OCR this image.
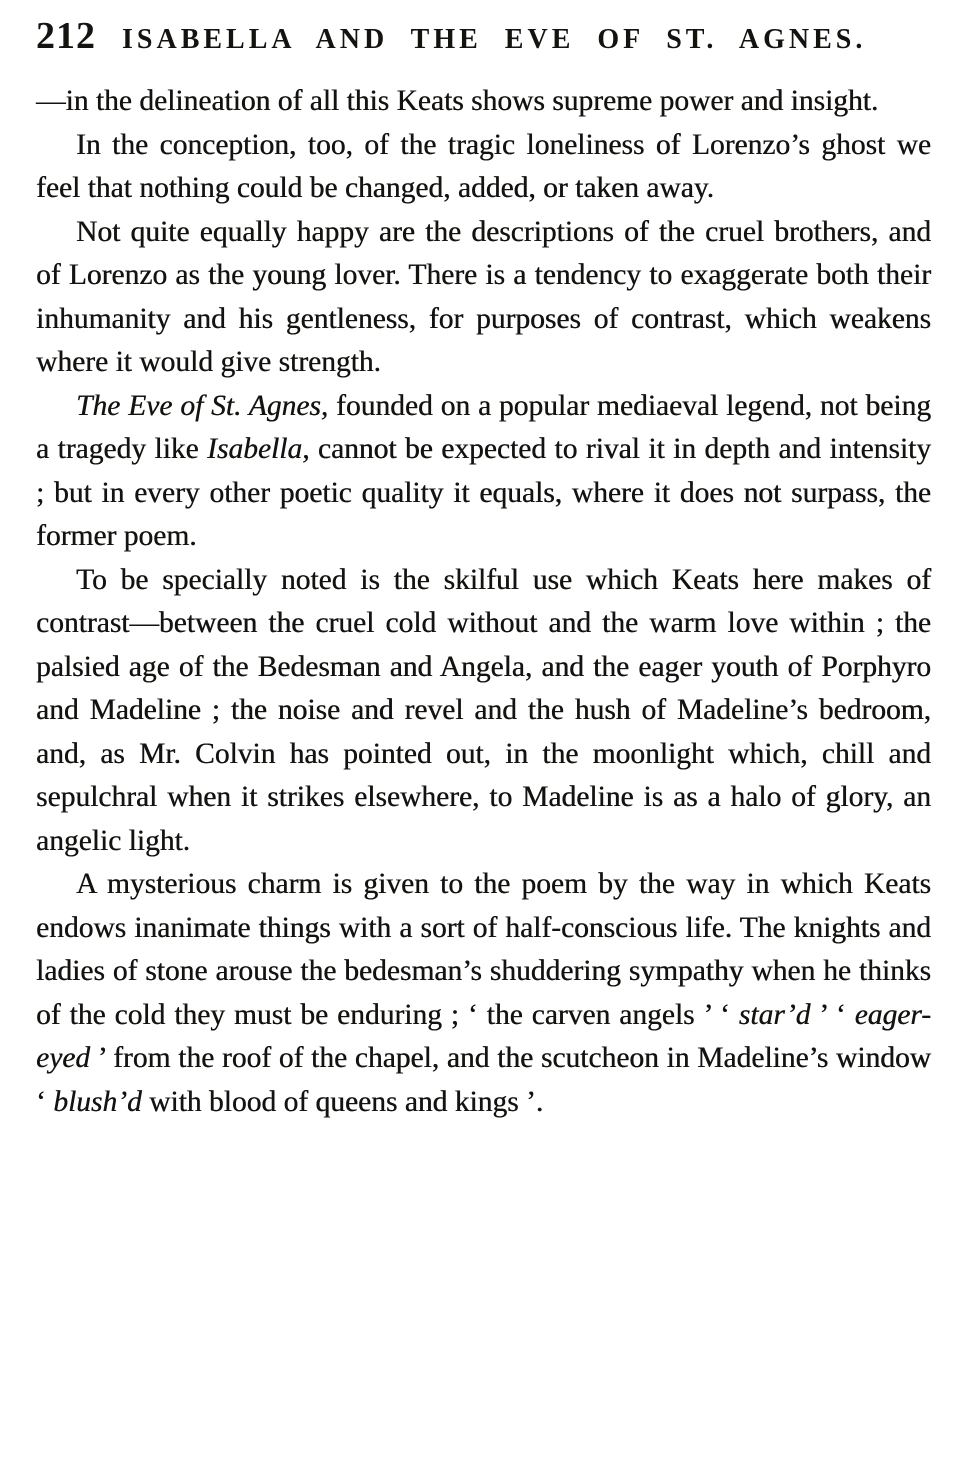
212 ISABELLA AND THE EVE OF ST. AGNES.

—in the delineation of all this Keats shows supreme power and insight.

In the conception, too, of the tragic loneliness of Lorenzo’s ghost we feel that nothing could be changed, added, or taken away.

Not quite equally happy are the descriptions of the cruel brothers, and of Lorenzo as the young lover. There is a tendency to exaggerate both their inhumanity and his gentleness, for purposes of contrast, which weakens where it would give strength.

The Eve of St. Agnes, founded on a popular mediaeval legend, not being a tragedy like Isabella, cannot be expected to rival it in depth and intensity ; but in every other poetic quality it equals, where it does not surpass, the former poem.

To be specially noted is the skilful use which Keats here makes of contrast—between the cruel cold without and the warm love within ; the palsied age of the Bedesman and Angela, and the eager youth of Porphyro and Madeline ; the noise and revel and the hush of Madeline’s bedroom, and, as Mr. Colvin has pointed out, in the moonlight which, chill and sepulchral when it strikes elsewhere, to Madeline is as a halo of glory, an angelic light.

A mysterious charm is given to the poem by the way in which Keats endows inanimate things with a sort of half-conscious life. The knights and ladies of stone arouse the bedesman’s shuddering sympathy when he thinks of the cold they must be enduring ; ‘ the carven angels ’ ‘ star’d ’ ‘ eager-eyed ’ from the roof of the chapel, and the scutcheon in Madeline’s window ‘ blush’d with blood of queens and kings ’.
